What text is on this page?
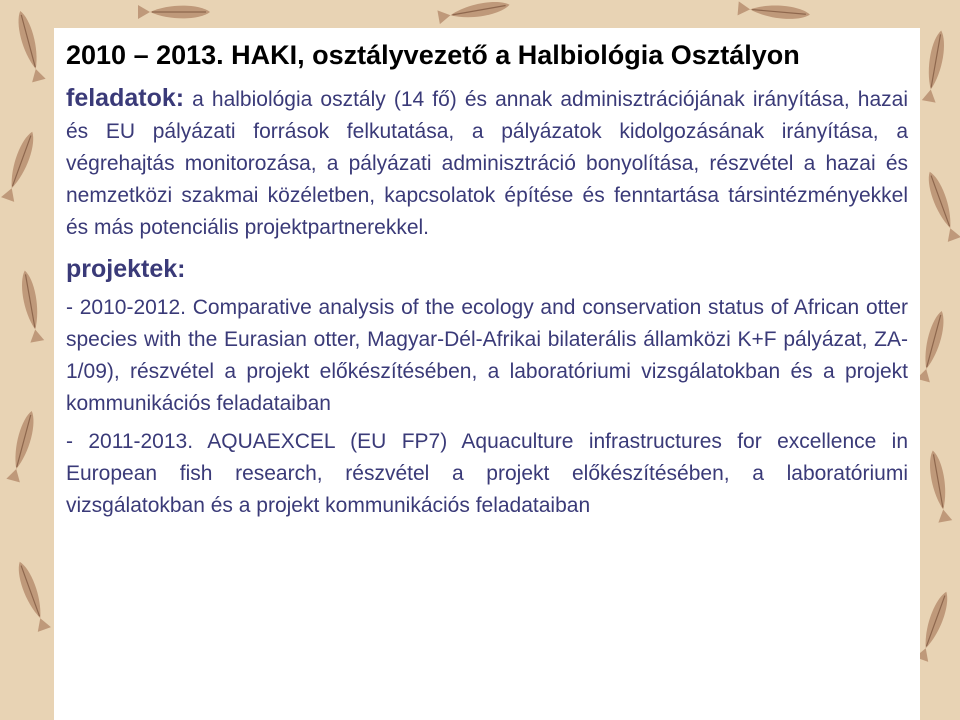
2010 – 2013. HAKI, osztályvezető a Halbiológia Osztályon
feladatok: a halbiológia osztály (14 fő) és annak adminisztrációjának irányítása, hazai és EU pályázati források felkutatása, a pályázatok kidolgozásának irányítása, a végrehajtás monitorozása, a pályázati adminisztráció bonyolítása, részvétel a hazai és nemzetközi szakmai közéletben, kapcsolatok építése és fenntartása társintézményekkel és más potenciális projektpartnerekkel.
projektek:
- 2010-2012. Comparative analysis of the ecology and conservation status of African otter species with the Eurasian otter, Magyar-Dél-Afrikai bilaterális államközi K+F pályázat, ZA-1/09), részvétel a projekt előkészítésében, a laboratóriumi vizsgálatokban és a projekt kommunikációs feladataiban
- 2011-2013. AQUAEXCEL (EU FP7) Aquaculture infrastructures for excellence in European fish research, részvétel a projekt előkészítésében, a laboratóriumi vizsgálatokban és a projekt kommunikációs feladataiban
